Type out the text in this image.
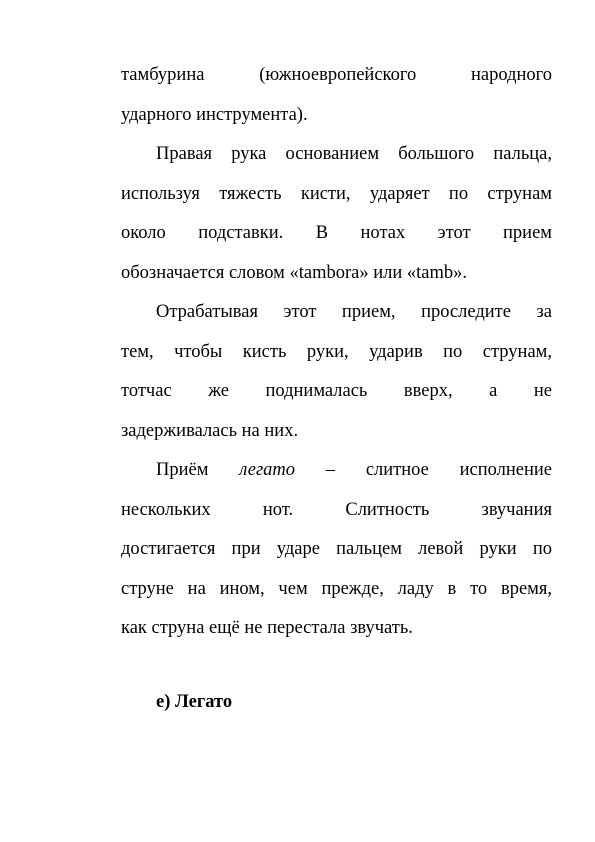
тамбурина (южноевропейского народного
ударного инструмента).

Правая рука основанием большого пальца,
используя тяжесть кисти, ударяет по струнам
около подставки. В нотах этот прием
обозначается словом «tambora» или «tamb».

Отрабатывая этот прием, проследите за
тем, чтобы кисть руки, ударив по струнам,
тотчас же поднималась вверх, а не
задерживалась на них.

Приём легато – слитное исполнение
нескольких нот. Слитность звучания
достигается при ударе пальцем левой руки по
струне на ином, чем прежде, ладу в то время,
как струна ещё не перестала звучать.

е) Легато
